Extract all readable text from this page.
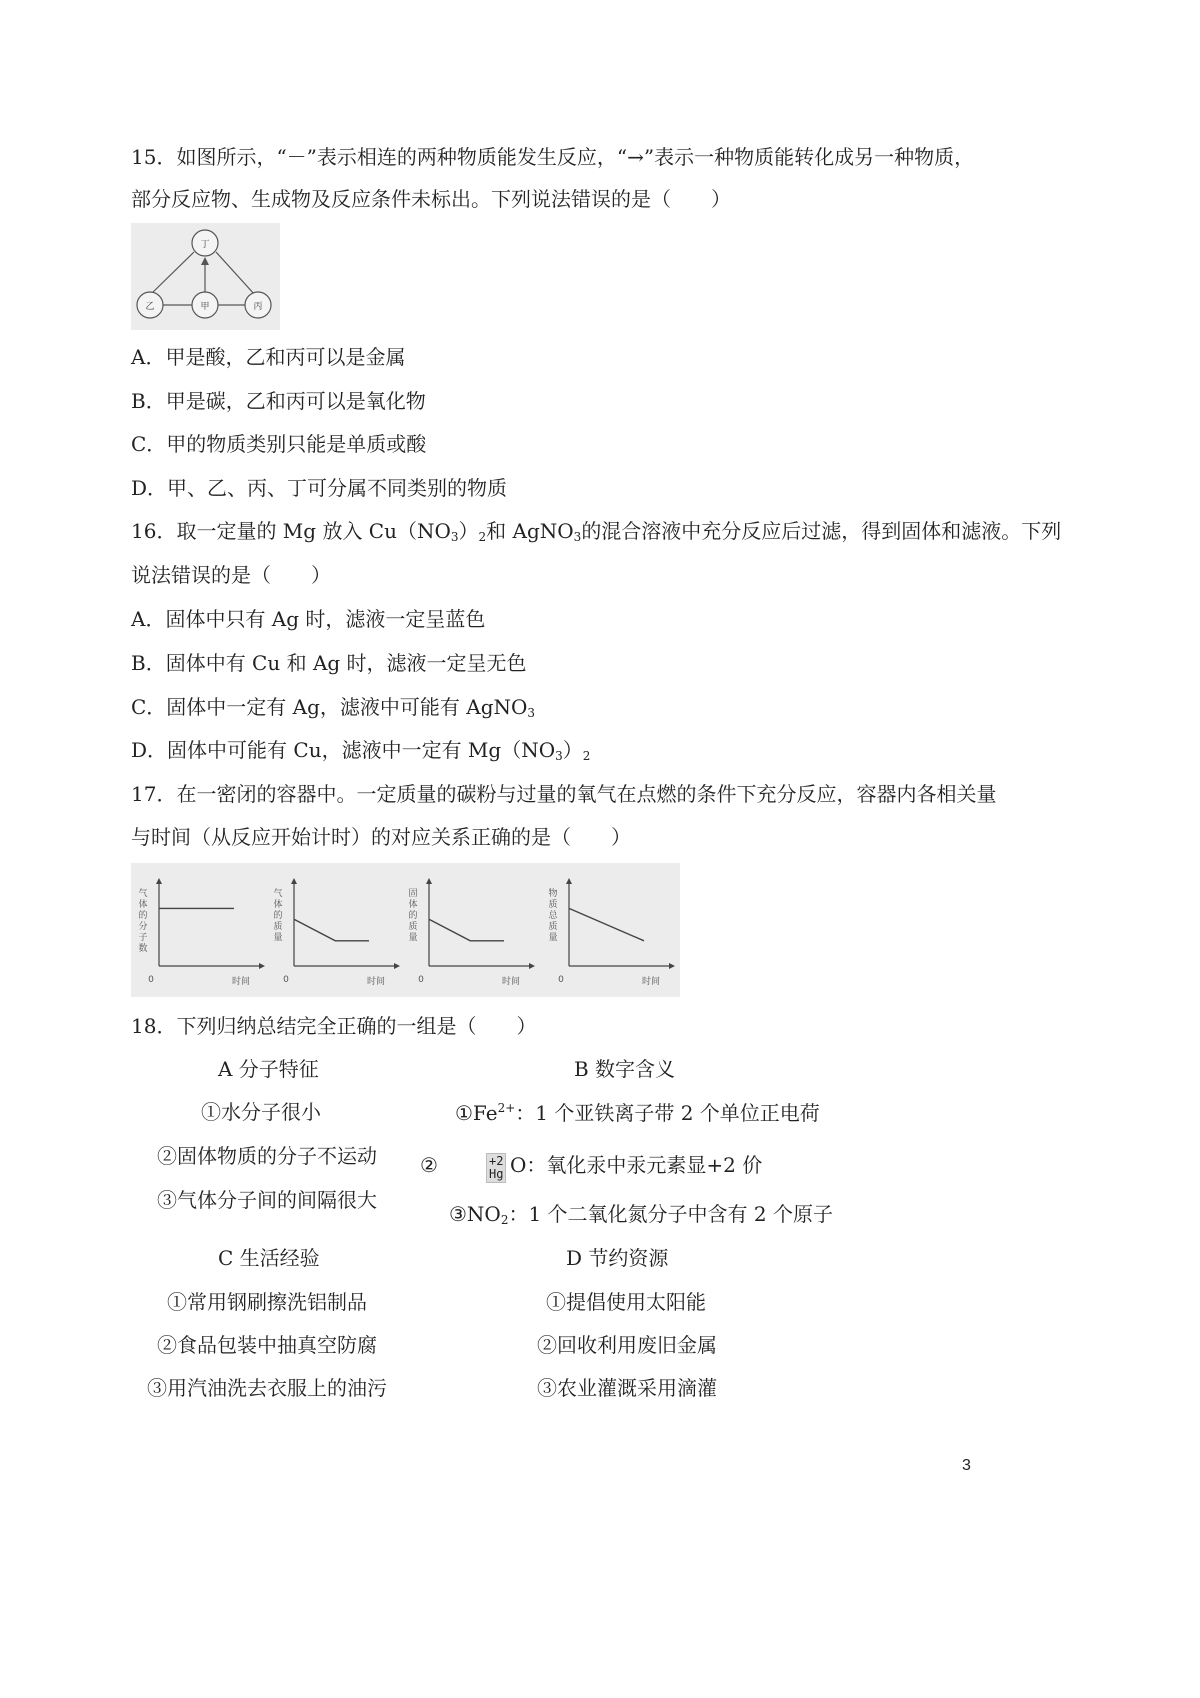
15．如图所示，“－”表示相连的两种物质能发生反应，“→”表示一种物质能转化成另一种物质，
部分反应物、生成物及反应条件未标出。下列说法错误的是（　　）
丁
乙	甲	丙
A．甲是酸，乙和丙可以是金属
B．甲是碳，乙和丙可以是氧化物
C．甲的物质类别只能是单质或酸
D．甲、乙、丙、丁可分属不同类别的物质
16．取一定量的 Mg 放入 $Cu(NO_3)_2$和 AgNO$_3$的混合溶液中充分反应后过滤，得到固体和滤液。下列
说法错误的是（　　）
A．固体中只有 Ag 时，滤液一定呈蓝色
B．固体中有 Cu 和 Ag 时，滤液一定呈无色
C．固体中一定有 Ag，滤液中可能有 AgNO$_3$
D．固体中可能有 Cu，滤液中一定有 $Mg(NO_3)_2$
17．在一密闭的容器中。一定质量的碳粉与过量的氧气在点燃的条件下充分反应，容器内各相关量
与时间（从反应开始计时）的对应关系正确的是（　　）
气
体
的
分
子
数
0	时间
气
体
的
质
量
0	时间
固
体
的
质
量
0	时间
物
质
总
质
量
0	时间
18．下列归纳总结完全正确的一组是（　　）
A 分子特征
①水分子很小
②固体物质的分子不运动
③气体分子间的间隔很大
B 数字含义
$①Fe^{2+}$：1 个亚铁离子带 2 个单位正电荷
②	+2
Hg O：氧化汞中汞元素显+2 价
$③NO_2$：1 个二氧化氮分子中含有 2 个原子
C 生活经验
①常用钢刷擦洗铝制品
②食品包装中抽真空防腐
③用汽油洗去衣服上的油污
D 节约资源
①提倡使用太阳能
②回收利用废旧金属
③农业灌溉采用滴灌
3
